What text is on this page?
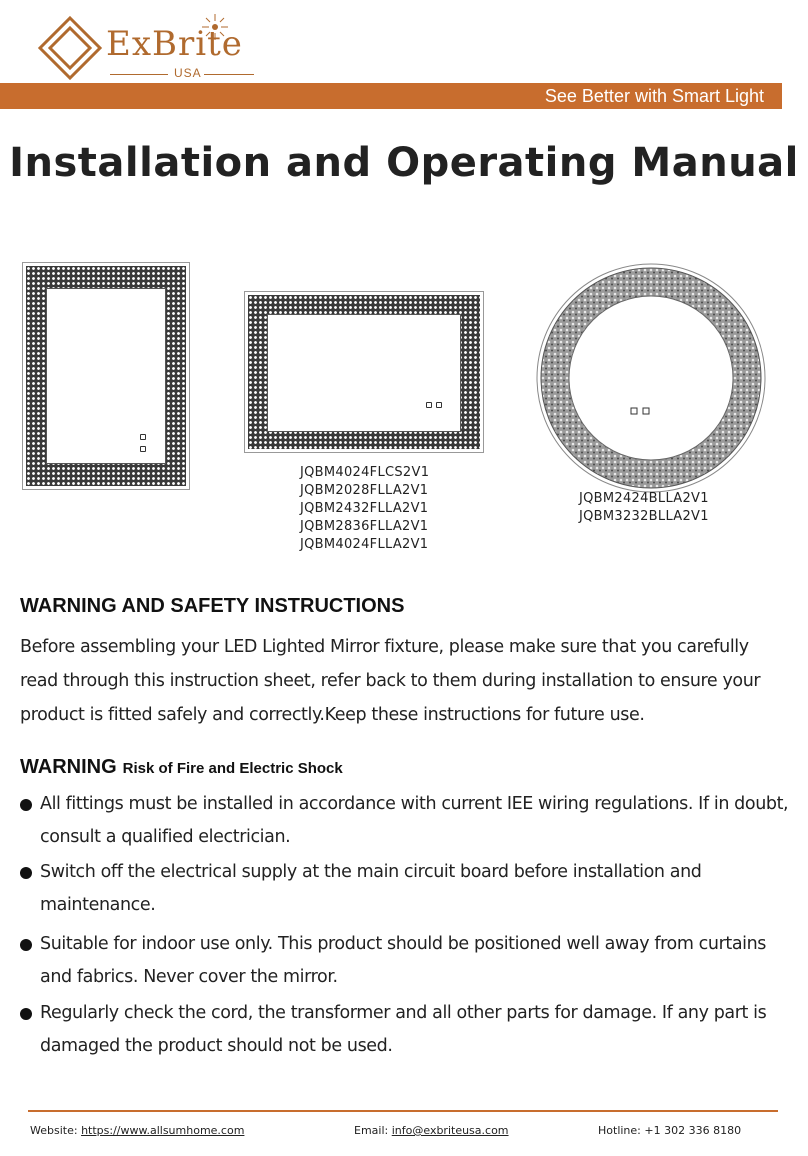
ExBrite
USA
See Better with Smart Light
Installation and Operating Manual
JQBM4024FLCS2V1
JQBM2028FLLA2V1
JQBM2432FLLA2V1
JQBM2836FLLA2V1
JQBM4024FLLA2V1
JQBM2424BLLA2V1
JQBM3232BLLA2V1
WARNING AND SAFETY INSTRUCTIONS

Before assembling your LED Lighted Mirror fixture, please make sure that you carefully read through this instruction sheet, refer back to them during installation to ensure your product is fitted safely and correctly.Keep these instructions for future use.

WARNING Risk of Fire and Electric Shock
All fittings must be installed in accordance with current IEE wiring regulations. If in doubt, consult a qualified electrician.
Switch off the electrical supply at the main circuit board before installation and maintenance.
Suitable for indoor use only. This product should be positioned well away from curtains and fabrics. Never cover the mirror.
Regularly check the cord, the transformer and all other parts for damage. If any part is damaged the product should not be used.
Website: https://www.allsumhome.com	Email: info@exbriteusa.com	Hotline: +1 302 336 8180
